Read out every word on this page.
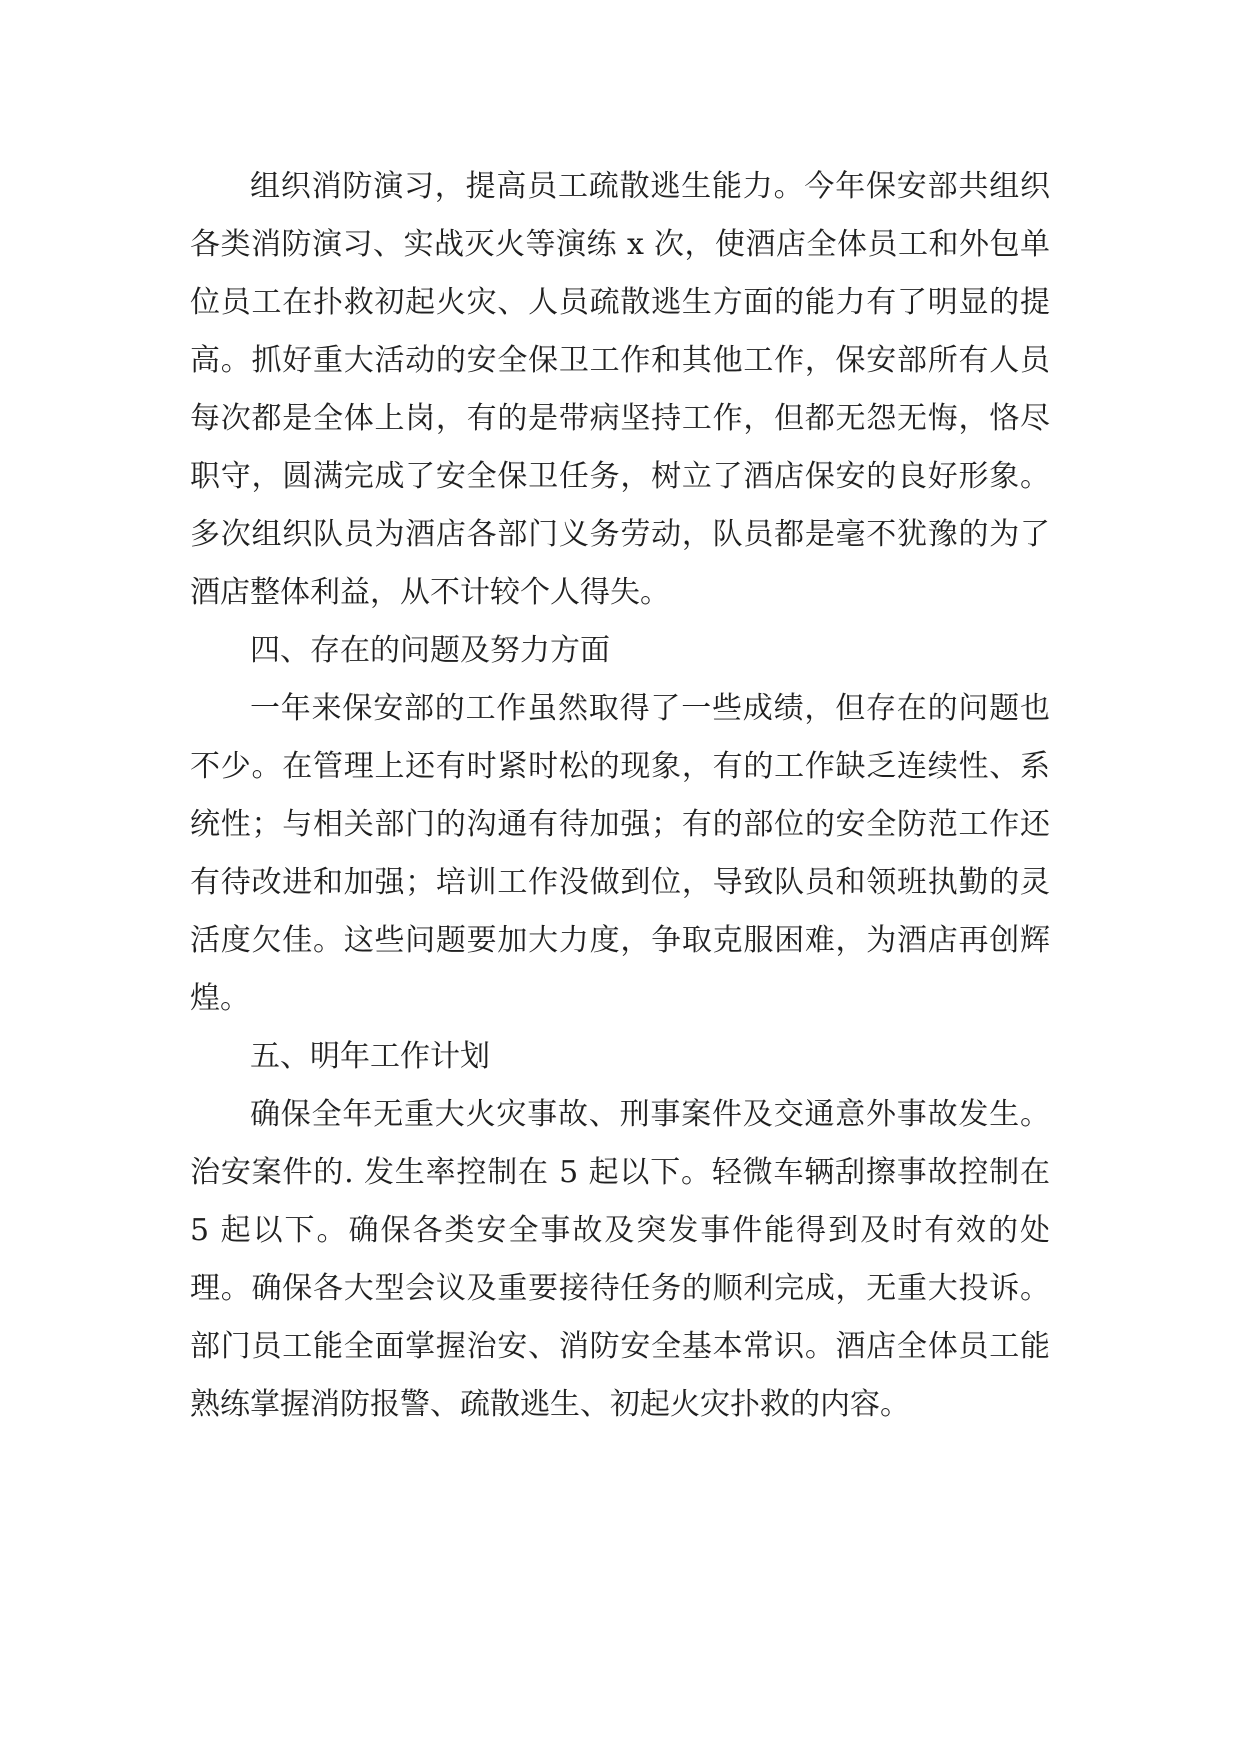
组织消防演习，提高员工疏散逃生能力。今年保安部共组织各类消防演习、实战灭火等演练 x 次，使酒店全体员工和外包单位员工在扑救初起火灾、人员疏散逃生方面的能力有了明显的提高。抓好重大活动的安全保卫工作和其他工作，保安部所有人员每次都是全体上岗，有的是带病坚持工作，但都无怨无悔，恪尽职守，圆满完成了安全保卫任务，树立了酒店保安的良好形象。多次组织队员为酒店各部门义务劳动，队员都是毫不犹豫的为了酒店整体利益，从不计较个人得失。

四、存在的问题及努力方面

一年来保安部的工作虽然取得了一些成绩，但存在的问题也不少。在管理上还有时紧时松的现象，有的工作缺乏连续性、系统性；与相关部门的沟通有待加强；有的部位的安全防范工作还有待改进和加强；培训工作没做到位，导致队员和领班执勤的灵活度欠佳。这些问题要加大力度，争取克服困难，为酒店再创辉煌。

五、明年工作计划

确保全年无重大火灾事故、刑事案件及交通意外事故发生。治安案件的. 发生率控制在 5 起以下。轻微车辆刮擦事故控制在 5 起以下。确保各类安全事故及突发事件能得到及时有效的处理。确保各大型会议及重要接待任务的顺利完成，无重大投诉。部门员工能全面掌握治安、消防安全基本常识。酒店全体员工能熟练掌握消防报警、疏散逃生、初起火灾扑救的内容。
